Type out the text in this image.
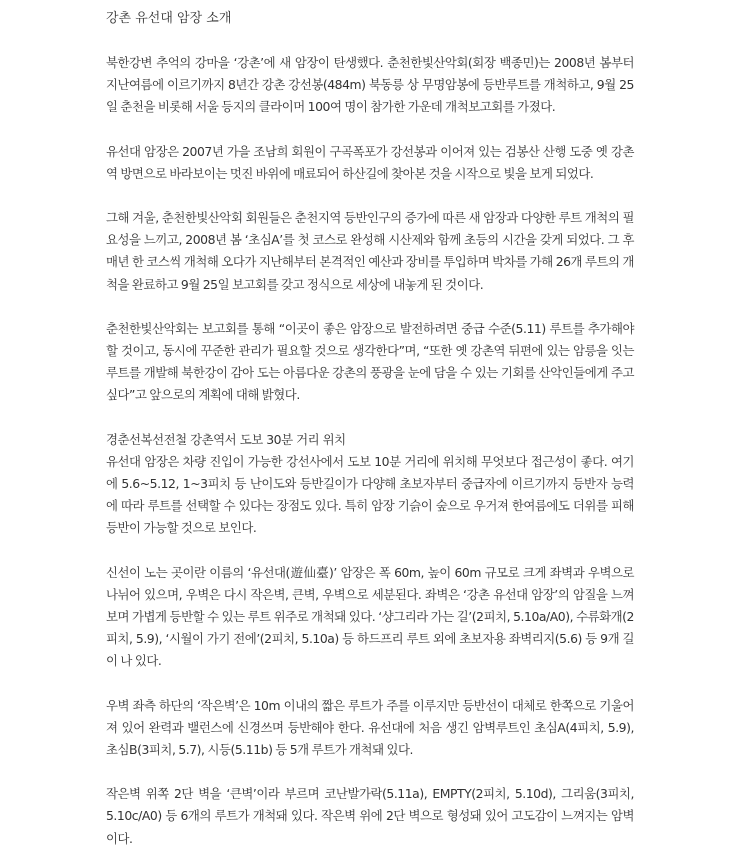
강촌 유선대 암장 소개

북한강변 추억의 강마을 ‘강촌’에 새 암장이 탄생했다. 춘천한빛산악회(회장 백종민)는 2008년 봄부터 지난여름에 이르기까지 8년간 강촌 강선봉(484m) 북동릉 상 무명암봉에 등반루트를 개척하고, 9월 25일 춘천을 비롯해 서울 등지의 클라이머 100여 명이 참가한 가운데 개척보고회를 가졌다.

유선대 암장은 2007년 가을 조남희 회원이 구곡폭포가 강선봉과 이어져 있는 검봉산 산행 도중 옛 강촌역 방면으로 바라보이는 멋진 바위에 매료되어 하산길에 찾아본 것을 시작으로 빛을 보게 되었다.

그해 겨울, 춘천한빛산악회 회원들은 춘천지역 등반인구의 증가에 따른 새 암장과 다양한 루트 개척의 필요성을 느끼고, 2008년 봄 ‘초심A’를 첫 코스로 완성해 시산제와 함께 초등의 시간을 갖게 되었다. 그 후 매년 한 코스씩 개척해 오다가 지난해부터 본격적인 예산과 장비를 투입하며 박차를 가해 26개 루트의 개척을 완료하고 9월 25일 보고회를 갖고 정식으로 세상에 내놓게 된 것이다.

춘천한빛산악회는 보고회를 통해 “이곳이 좋은 암장으로 발전하려면 중급 수준(5.11) 루트를 추가해야 할 것이고, 동시에 꾸준한 관리가 필요할 것으로 생각한다”며, “또한 옛 강촌역 뒤편에 있는 암릉을 잇는 루트를 개발해 북한강이 감아 도는 아름다운 강촌의 풍광을 눈에 담을 수 있는 기회를 산악인들에게 주고 싶다”고 앞으로의 계획에 대해 밝혔다.

경춘선복선전철 강촌역서 도보 30분 거리 위치

유선대 암장은 차량 진입이 가능한 강선사에서 도보 10분 거리에 위치해 무엇보다 접근성이 좋다. 여기에 5.6~5.12, 1~3피치 등 난이도와 등반길이가 다양해 초보자부터 중급자에 이르기까지 등반자 능력에 따라 루트를 선택할 수 있다는 장점도 있다. 특히 암장 기슭이 숲으로 우거져 한여름에도 더위를 피해 등반이 가능할 것으로 보인다.

신선이 노는 곳이란 이름의 ‘유선대(遊仙臺)’ 암장은 폭 60m, 높이 60m 규모로 크게 좌벽과 우벽으로 나뉘어 있으며, 우벽은 다시 작은벽, 큰벽, 우벽으로 세분된다. 좌벽은 ‘강촌 유선대 암장’의 암질을 느껴보며 가볍게 등반할 수 있는 루트 위주로 개척돼 있다. ‘샹그리라 가는 길’(2피치, 5.10a/A0), 수류화개(2피치, 5.9), ‘시월이 가기 전에’(2피치, 5.10a) 등 하드프리 루트 외에 초보자용 좌벽리지(5.6) 등 9개 길이 나 있다.

우벽 좌측 하단의 ‘작은벽’은 10m 이내의 짧은 루트가 주를 이루지만 등반선이 대체로 한쪽으로 기울어져 있어 완력과 밸런스에 신경쓰며 등반해야 한다. 유선대에 처음 생긴 암벽루트인 초심A(4피치, 5.9), 초심B(3피치, 5.7), 시등(5.11b) 등 5개 루트가 개척돼 있다.

작은벽 위쪽 2단 벽을 ‘큰벽’이라 부르며 코난발가락(5.11a), EMPTY(2피치, 5.10d), 그리움(3피치, 5.10c/A0) 등 6개의 루트가 개척돼 있다. 작은벽 위에 2단 벽으로 형성돼 있어 고도감이 느껴지는 암벽이다.
